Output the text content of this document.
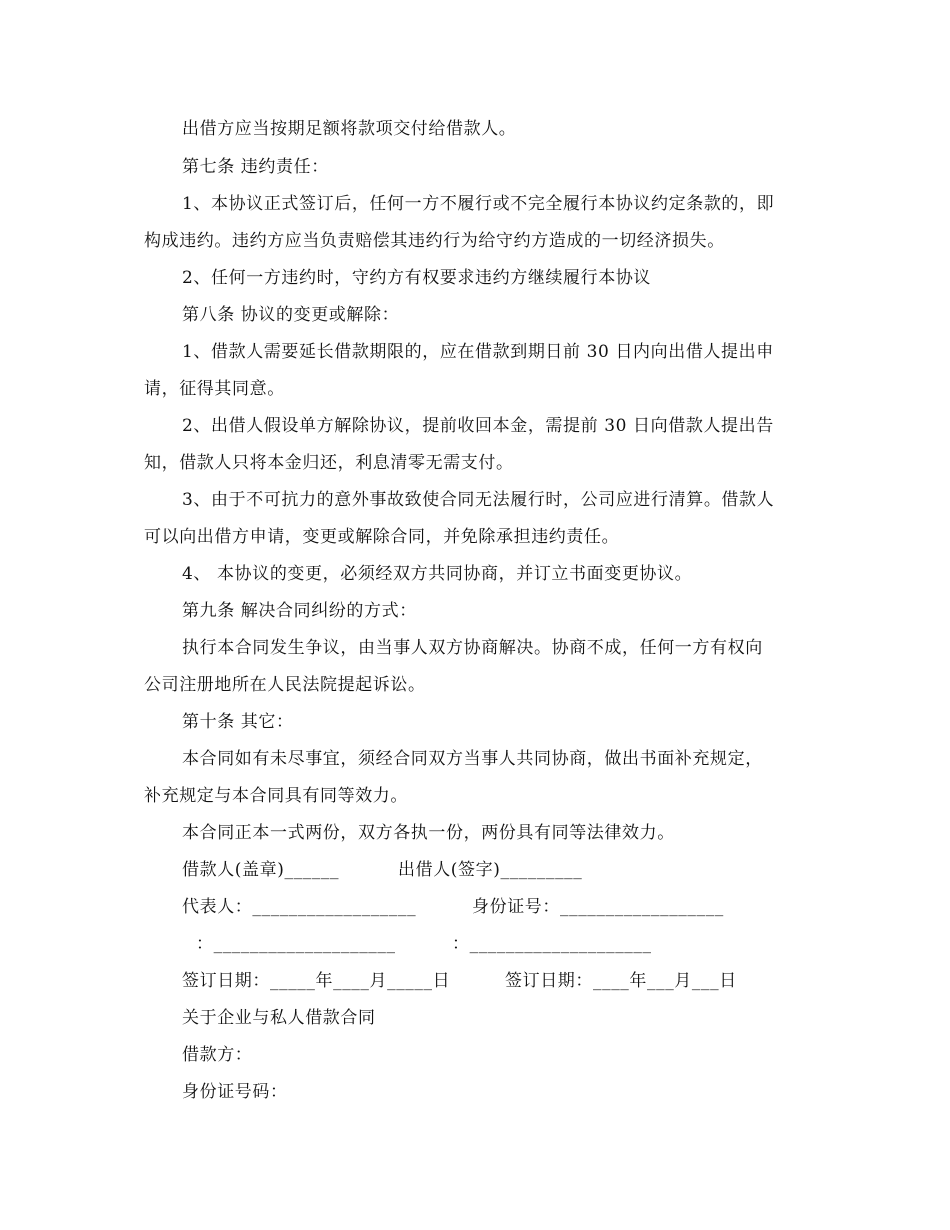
出借方应当按期足额将款项交付给借款人。
第七条 违约责任：
1、本协议正式签订后，任何一方不履行或不完全履行本协议约定条款的，即
构成违约。违约方应当负责赔偿其违约行为给守约方造成的一切经济损失。
2、任何一方违约时，守约方有权要求违约方继续履行本协议
第八条 协议的变更或解除：
1、借款人需要延长借款期限的，应在借款到期日前 30 日内向出借人提出申
请，征得其同意。
2、出借人假设单方解除协议，提前收回本金，需提前 30 日向借款人提出告
知，借款人只将本金归还，利息清零无需支付。
3、由于不可抗力的意外事故致使合同无法履行时，公司应进行清算。借款人
可以向出借方申请，变更或解除合同，并免除承担违约责任。
4、 本协议的变更，必须经双方共同协商，并订立书面变更协议。
第九条 解决合同纠纷的方式：
执行本合同发生争议，由当事人双方协商解决。协商不成，任何一方有权向
公司注册地所在人民法院提起诉讼。
第十条 其它：
本合同如有未尽事宜，须经合同双方当事人共同协商，做出书面补充规定，
补充规定与本合同具有同等效力。
本合同正本一式两份，双方各执一份，两份具有同等法律效力。
借款人(盖章)______	出借人(签字)_________
代表人：__________________	身份证号：__________________
：____________________	：____________________
签订日期：_____年____月_____日	签订日期：____年___月___日
关于企业与私人借款合同
借款方：
身份证号码：
